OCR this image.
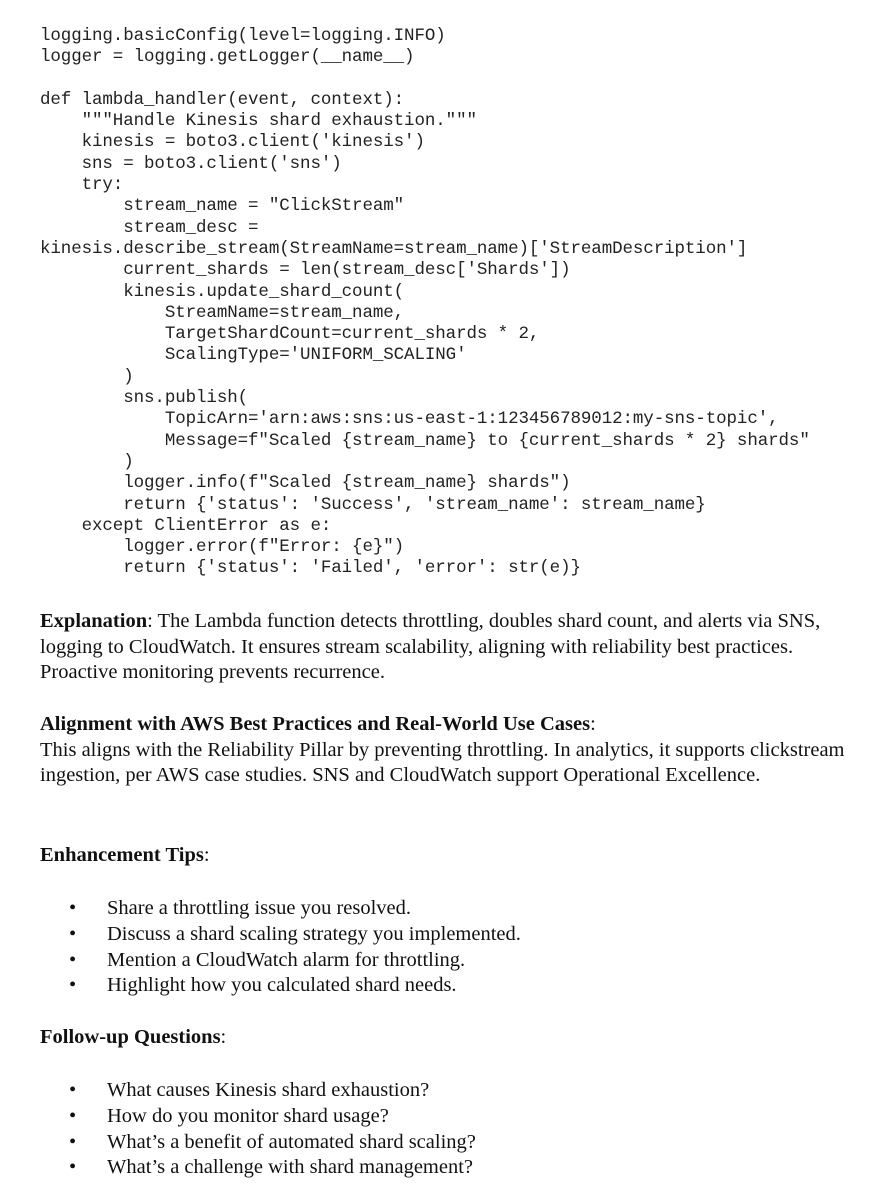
logging.basicConfig(level=logging.INFO)
logger = logging.getLogger(__name__)
def lambda_handler(event, context):
"""Handle Kinesis shard exhaustion."""
kinesis = boto3.client('kinesis')
sns = boto3.client('sns')
try:
stream_name = "ClickStream"
stream_desc =
kinesis.describe_stream(StreamName=stream_name)['StreamDescription']
current_shards = len(stream_desc['Shards'])
kinesis.update_shard_count(
StreamName=stream_name,
TargetShardCount=current_shards * 2,
ScalingType='UNIFORM_SCALING'
)
sns.publish(
TopicArn='arn:aws:sns:us-east-1:123456789012:my-sns-topic',
Message=f"Scaled {stream_name} to {current_shards * 2} shards"
)
logger.info(f"Scaled {stream_name} shards")
return {'status': 'Success', 'stream_name': stream_name}
except ClientError as e:
logger.error(f"Error: {e}")
return {'status': 'Failed', 'error': str(e)}

Explanation: The Lambda function detects throttling, doubles shard count, and alerts via SNS, logging to CloudWatch. It ensures stream scalability, aligning with reliability best practices. Proactive monitoring prevents recurrence.

Alignment with AWS Best Practices and Real-World Use Cases:

This aligns with the Reliability Pillar by preventing throttling. In analytics, it supports clickstream ingestion, per AWS case studies. SNS and CloudWatch support Operational Excellence.

Enhancement Tips:

• Share a throttling issue you resolved.
• Discuss a shard scaling strategy you implemented.
• Mention a CloudWatch alarm for throttling.
• Highlight how you calculated shard needs.

Follow-up Questions:

• What causes Kinesis shard exhaustion?
• How do you monitor shard usage?
• What’s a benefit of automated shard scaling?
• What’s a challenge with shard management?
